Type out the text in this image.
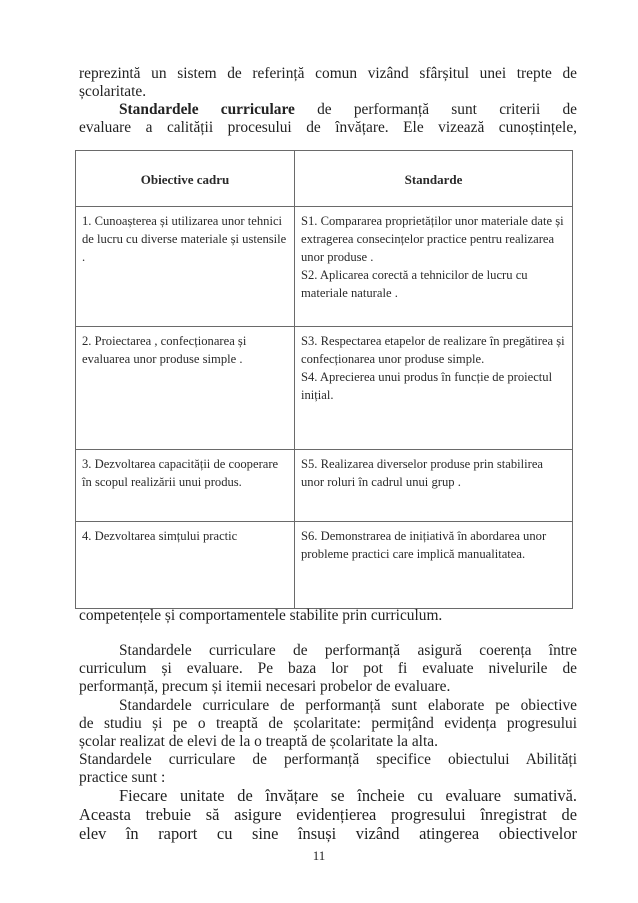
reprezintă un sistem de referință comun vizând sfârșitul unei trepte de
școlaritate.
Standardele curriculare de performanță sunt criterii de
evaluare a calității procesului de învățare. Ele vizează cunoștințele,
Obiective cadru	Standarde
1. Cunoașterea și utilizarea unor tehnici de lucru cu diverse materiale și ustensile .	S1. Compararea proprietăților unor materiale date și extragerea consecințelor practice pentru realizarea unor produse .
S2. Aplicarea corectă a tehnicilor de lucru cu materiale naturale .

2. Proiectarea , confecționarea și evaluarea unor produse simple .	S3. Respectarea etapelor de realizare în pregătirea și confecționarea unor produse simple.
S4. Aprecierea unui produs în funcție de proiectul inițial.

3. Dezvoltarea capacității de cooperare în scopul realizării unui produs.	S5. Realizarea diverselor produse prin stabilirea unor roluri în cadrul unui grup .

4. Dezvoltarea simțului practic	S6. Demonstrarea de inițiativă în abordarea unor probleme practici care implică manualitatea.
competențele și comportamentele stabilite prin curriculum.
Standardele curriculare de performanță asigură coerența între
curriculum și evaluare. Pe baza lor pot fi evaluate nivelurile de
performanță, precum și itemii necesari probelor de evaluare.
Standardele curriculare de performanță sunt elaborate pe obiective
de studiu și pe o treaptă de școlaritate: permițând evidența progresului
școlar realizat de elevi de la o treaptă de școlaritate la alta.
Standardele curriculare de performanță specifice obiectului Abilități
practice sunt :
Fiecare unitate de învățare se încheie cu evaluare sumativă.
Aceasta trebuie să asigure evidențierea progresului înregistrat de
elev în raport cu sine însuși vizând atingerea obiectivelor
11
